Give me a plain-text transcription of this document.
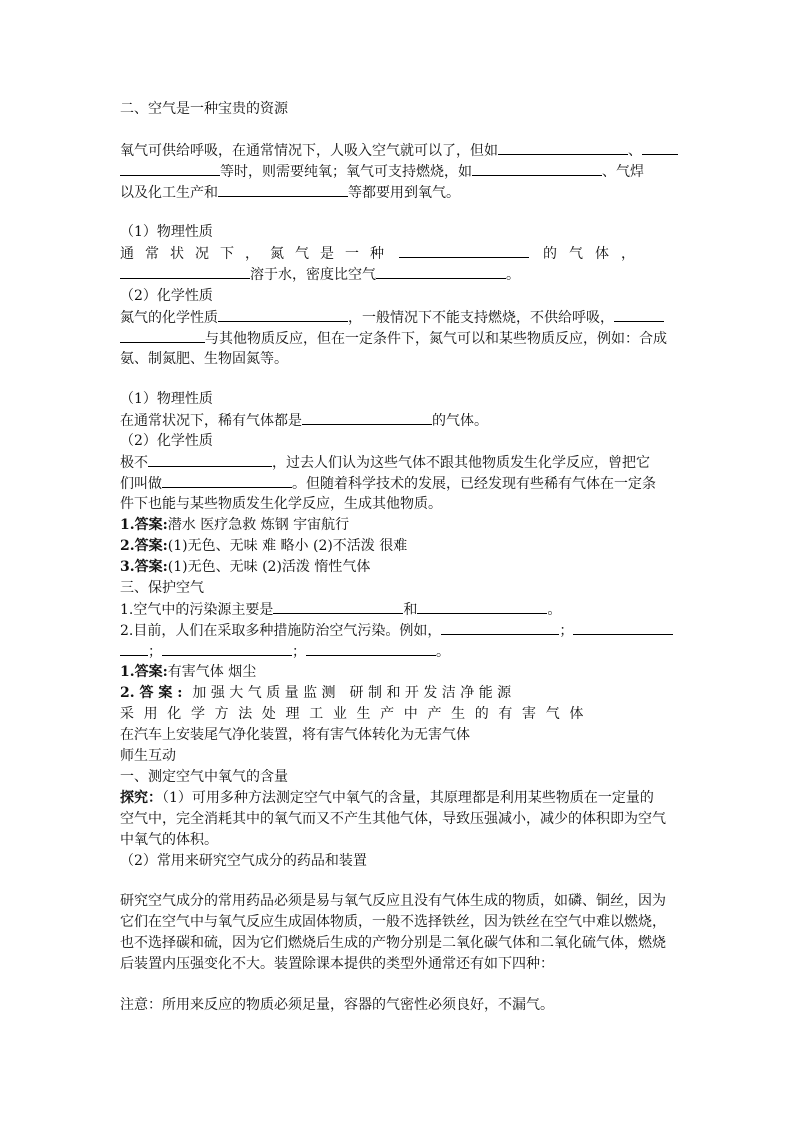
二、空气是一种宝贵的资源
氧气可供给呼吸，在通常情况下，人吸入空气就可以了，但如	、
等时，则需要纯氧；氧气可支持燃烧，如	、气焊
以及化工生产和	等都要用到氧气。
（1）物理性质
通常状况下，氮气是一种	的气体，
溶于水，密度比空气	。
（2）化学性质
氮气的化学性质	，一般情况下不能支持燃烧，不供给呼吸，
与其他物质反应，但在一定条件下，氮气可以和某些物质反应，例如：合成
氨、制氮肥、生物固氮等。
（1）物理性质
在通常状况下，稀有气体都是	的气体。
（2）化学性质
极不	，过去人们认为这些气体不跟其他物质发生化学反应，曾把它
们叫做	。但随着科学技术的发展，已经发现有些稀有气体在一定条
件下也能与某些物质发生化学反应，生成其他物质。
1.答案:潜水 医疗急救 炼钢 宇宙航行
2.答案:(1)无色、无味 难 略小 (2)不活泼 很难
3.答案:(1)无色、无味 (2)活泼 惰性气体
三、保护空气
1.空气中的污染源主要是	和	。
2.目前，人们在采取多种措施防治空气污染。例如，	；
；	；	。
1.答案:有害气体 烟尘
2. 答 案 : 加 强 大 气 质 量 监 测　研 制 和 开 发 洁 净 能 源
采 用 化 学 方 法 处 理 工 业 生 产 中 产 生 的 有 害 气 体
在汽车上安装尾气净化装置，将有害气体转化为无害气体
师生互动
一、测定空气中氧气的含量
探究：（1）可用多种方法测定空气中氧气的含量，其原理都是利用某些物质在一定量的
空气中，完全消耗其中的氧气而又不产生其他气体，导致压强减小，减少的体积即为空气
中氧气的体积。
（2）常用来研究空气成分的药品和装置
研究空气成分的常用药品必须是易与氧气反应且没有气体生成的物质，如磷、铜丝，因为
它们在空气中与氧气反应生成固体物质，一般不选择铁丝，因为铁丝在空气中难以燃烧，
也不选择碳和硫，因为它们燃烧后生成的产物分别是二氧化碳气体和二氧化硫气体，燃烧
后装置内压强变化不大。装置除课本提供的类型外通常还有如下四种：
注意：所用来反应的物质必须足量，容器的气密性必须良好，不漏气。
